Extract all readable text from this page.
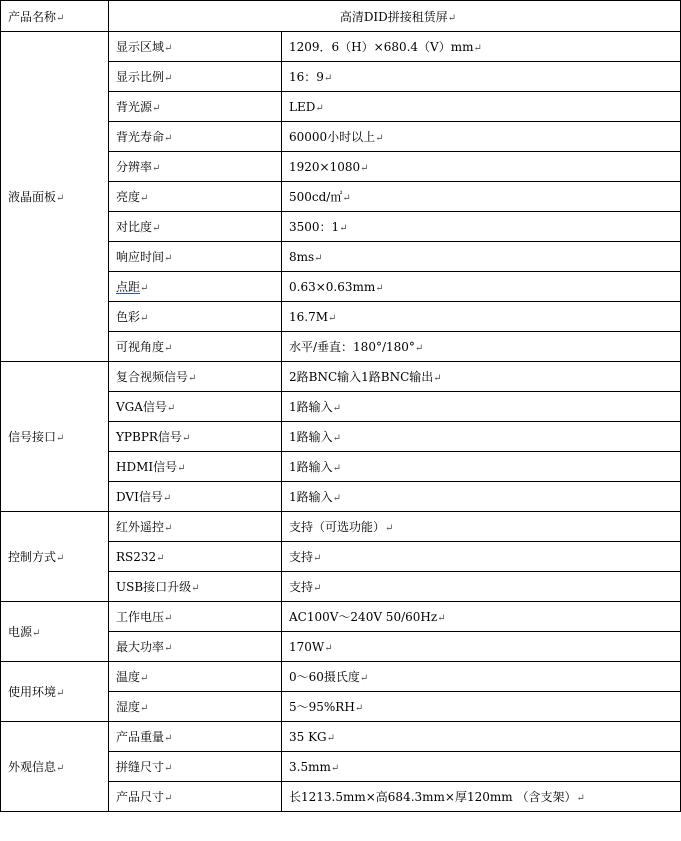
产品名称↵	高清DID拼接租赁屏↵	
液晶面板↵	显示区域↵	1209．6（H）×680.4（V）mm↵
	显示比例↵	16：9↵
	背光源↵	LED↵
	背光寿命↵	60000小时以上↵
	分辨率↵	1920×1080↵
	亮度↵	500cd/㎡↵
	对比度↵	3500：1↵
	响应时间↵	8ms↵
	点距↵	0.63×0.63mm↵
	色彩↵	16.7M↵
	可视角度↵	水平/垂直：180°/180°↵
信号接口↵	复合视频信号↵	2路BNC输入1路BNC输出↵
	VGA信号↵	1路输入↵
	YPBPR信号↵	1路输入↵
	HDMI信号↵	1路输入↵
	DVI信号↵	1路输入↵
控制方式↵	红外遥控↵	支持（可选功能）↵
	RS232↵	支持↵
	USB接口升级↵	支持↵
电源↵	工作电压↵	AC100V～240V 50/60Hz↵
	最大功率↵	170W↵
使用环境↵	温度↵	0～60摄氏度↵
	湿度↵	5～95%RH↵
外观信息↵	产品重量↵	35 KG↵
	拼缝尺寸↵	3.5mm↵
	产品尺寸↵	长1213.5mm×高684.3mm×厚120mm （含支架）↵
